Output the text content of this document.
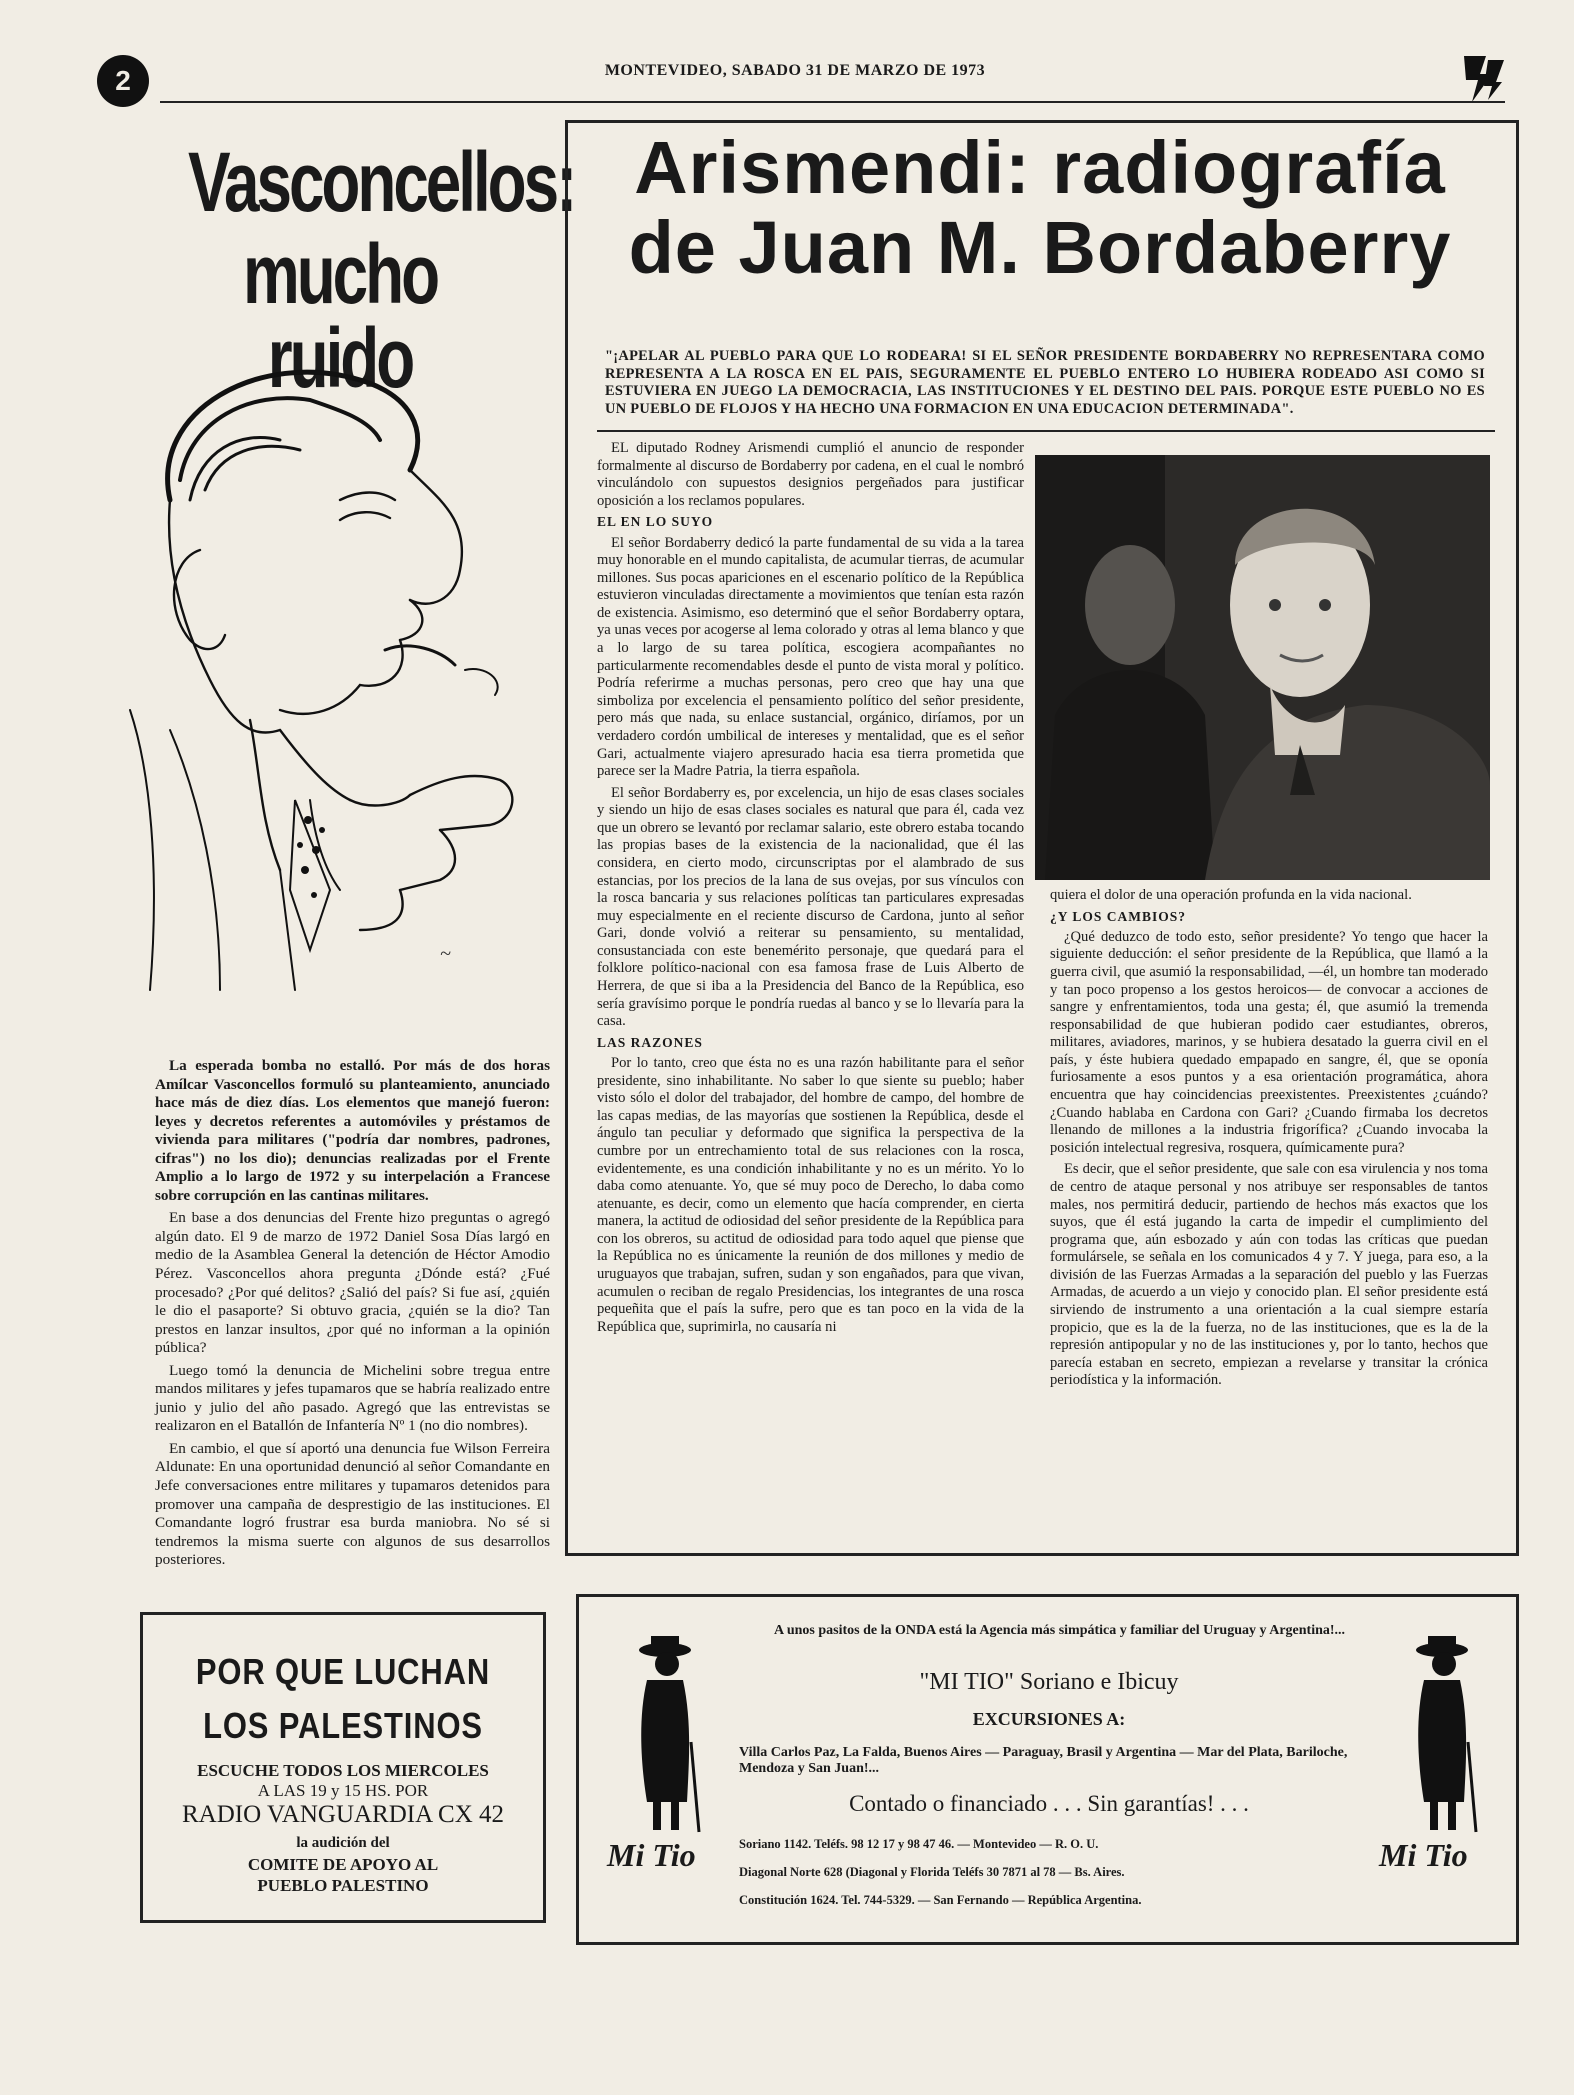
2	MONTEVIDEO, SABADO 31 DE MARZO DE 1973
Vasconcellos:
mucho ruido
~

La esperada bomba no estalló. Por más de dos horas Amílcar Vasconcellos formuló su planteamiento, anunciado hace más de diez días. Los elementos que manejó fueron: leyes y decretos referentes a automóviles y préstamos de vivienda para militares ("podría dar nombres, padrones, cifras") no los dio); denuncias realizadas por el Frente Amplio a lo largo de 1972 y su interpelación a Francese sobre corrupción en las cantinas militares.

En base a dos denuncias del Frente hizo preguntas o agregó algún dato. El 9 de marzo de 1972 Daniel Sosa Días largó en medio de la Asamblea General la detención de Héctor Amodio Pérez. Vasconcellos ahora pregunta ¿Dónde está? ¿Fué procesado? ¿Por qué delitos? ¿Salió del país? Si fue así, ¿quién le dio el pasaporte? Si obtuvo gracia, ¿quién se la dio? Tan prestos en lanzar insultos, ¿por qué no informan a la opinión pública?

Luego tomó la denuncia de Michelini sobre tregua entre mandos militares y jefes tupamaros que se habría realizado entre junio y julio del año pasado. Agregó que las entrevistas se realizaron en el Batallón de Infantería Nº 1 (no dio nombres).

En cambio, el que sí aportó una denuncia fue Wilson Ferreira Aldunate: En una oportunidad denunció al señor Comandante en Jefe conversaciones entre militares y tupamaros detenidos para promover una campaña de desprestigio de las instituciones. El Comandante logró frustrar esa burda maniobra. No sé si tendremos la misma suerte con algunos de sus desarrollos posteriores.

Arismendi: radiografía
de Juan M. Bordaberry
"¡APELAR AL PUEBLO PARA QUE LO RODEARA! SI EL SEÑOR PRESIDENTE BORDABERRY NO REPRESENTARA COMO REPRESENTA A LA ROSCA EN EL PAIS, SEGURAMENTE EL PUEBLO ENTERO LO HUBIERA RODEADO ASI COMO SI ESTUVIERA EN JUEGO LA DEMOCRACIA, LAS INSTITUCIONES Y EL DESTINO DEL PAIS. PORQUE ESTE PUEBLO NO ES UN PUEBLO DE FLOJOS Y HA HECHO UNA FORMACION EN UNA EDUCACION DETERMINADA".

EL diputado Rodney Arismendi cumplió el anuncio de responder formalmente al discurso de Bordaberry por cadena, en el cual le nombró vinculándolo con supuestos designios pergeñados para justificar oposición a los reclamos populares.

EL EN LO SUYO

El señor Bordaberry dedicó la parte fundamental de su vida a la tarea muy honorable en el mundo capitalista, de acumular tierras, de acumular millones. Sus pocas apariciones en el escenario político de la República estuvieron vinculadas directamente a movimientos que tenían esta razón de existencia. Asimismo, eso determinó que el señor Bordaberry optara, ya unas veces por acogerse al lema colorado y otras al lema blanco y que a lo largo de su tarea política, escogiera acompañantes no particularmente recomendables desde el punto de vista moral y político. Podría referirme a muchas personas, pero creo que hay una que simboliza por excelencia el pensamiento político del señor presidente, pero más que nada, su enlace sustancial, orgánico, diríamos, por un verdadero cordón umbilical de intereses y mentalidad, que es el señor Gari, actualmente viajero apresurado hacia esa tierra prometida que parece ser la Madre Patria, la tierra española.

El señor Bordaberry es, por excelencia, un hijo de esas clases sociales y siendo un hijo de esas clases sociales es natural que para él, cada vez que un obrero se levantó por reclamar salario, este obrero estaba tocando las propias bases de la existencia de la nacionalidad, que él las considera, en cierto modo, circunscriptas por el alambrado de sus estancias, por los precios de la lana de sus ovejas, por sus vínculos con la rosca bancaria y sus relaciones políticas tan particulares expresadas muy especialmente en el reciente discurso de Cardona, junto al señor Gari, donde volvió a reiterar su pensamiento, su mentalidad, consustanciada con este benemérito personaje, que quedará para el folklore político-nacional con esa famosa frase de Luis Alberto de Herrera, de que si iba a la Presidencia del Banco de la República, eso sería gravísimo porque le pondría ruedas al banco y se lo llevaría para la casa.

LAS RAZONES

Por lo tanto, creo que ésta no es una razón habilitante para el señor presidente, sino inhabilitante. No saber lo que siente su pueblo; haber visto sólo el dolor del trabajador, del hombre de campo, del hombre de las capas medias, de las mayorías que sostienen la República, desde el ángulo tan peculiar y deformado que significa la perspectiva de la cumbre por un entrechamiento total de sus relaciones con la rosca, evidentemente, es una condición inhabilitante y no es un mérito. Yo lo daba como atenuante. Yo, que sé muy poco de Derecho, lo daba como atenuante, es decir, como un elemento que hacía comprender, en cierta manera, la actitud de odiosidad del señor presidente de la República para con los obreros, su actitud de odiosidad para todo aquel que piense que la República no es únicamente la reunión de dos millones y medio de uruguayos que trabajan, sufren, sudan y son engañados, para que vivan, acumulen o reciban de regalo Presidencias, los integrantes de una rosca pequeñita que el país la sufre, pero que es tan poco en la vida de la República que, suprimirla, no causaría ni

quiera el dolor de una operación profunda en la vida nacional.

¿Y LOS CAMBIOS?

¿Qué deduzco de todo esto, señor presidente? Yo tengo que hacer la siguiente deducción: el señor presidente de la República, que llamó a la guerra civil, que asumió la responsabilidad, —él, un hombre tan moderado y tan poco propenso a los gestos heroicos— de convocar a acciones de sangre y enfrentamientos, toda una gesta; él, que asumió la tremenda responsabilidad de que hubieran podido caer estudiantes, obreros, militares, aviadores, marinos, y se hubiera desatado la guerra civil en el país, y éste hubiera quedado empapado en sangre, él, que se oponía furiosamente a esos puntos y a esa orientación programática, ahora encuentra que hay coincidencias preexistentes. Preexistentes ¿cuándo? ¿Cuando hablaba en Cardona con Gari? ¿Cuando firmaba los decretos llenando de millones a la industria frigorífica? ¿Cuando invocaba la posición intelectual regresiva, rosquera, químicamente pura?

Es decir, que el señor presidente, que sale con esa virulencia y nos toma de centro de ataque personal y nos atribuye ser responsables de tantos males, nos permitirá deducir, partiendo de hechos más exactos que los suyos, que él está jugando la carta de impedir el cumplimiento del programa que, aún esbozado y aún con todas las críticas que puedan formulársele, se señala en los comunicados 4 y 7. Y juega, para eso, a la división de las Fuerzas Armadas a la separación del pueblo y las Fuerzas Armadas, de acuerdo a un viejo y conocido plan. El señor presidente está sirviendo de instrumento a una orientación a la cual siempre estaría propicio, que es la de la fuerza, no de las instituciones, que es la de la represión antipopular y no de las instituciones y, por lo tanto, hechos que parecía estaban en secreto, empiezan a revelarse y transitar la crónica periodística y la información.

POR QUE LUCHAN
LOS PALESTINOS
ESCUCHE TODOS LOS MIERCOLES
A LAS 19 y 15 HS. POR
RADIO VANGUARDIA CX 42
la audición del
COMITE DE APOYO AL
PUEBLO PALESTINO
Mi Tio	Mi Tio
A unos pasitos de la ONDA está la Agencia más simpática y familiar del Uruguay y Argentina!...
"MI TIO" Soriano e Ibicuy
EXCURSIONES A:
Villa Carlos Paz, La Falda, Buenos Aires — Paraguay, Brasil y Argentina — Mar del Plata, Bariloche, Mendoza y San Juan!...
Contado o financiado . . . Sin garantías! . . .
Soriano 1142. Teléfs. 98 12 17 y 98 47 46. — Montevideo — R. O. U.
Diagonal Norte 628 (Diagonal y Florida Teléfs 30 7871 al 78 — Bs. Aires.
Constitución 1624. Tel. 744-5329. — San Fernando — República Argentina.
